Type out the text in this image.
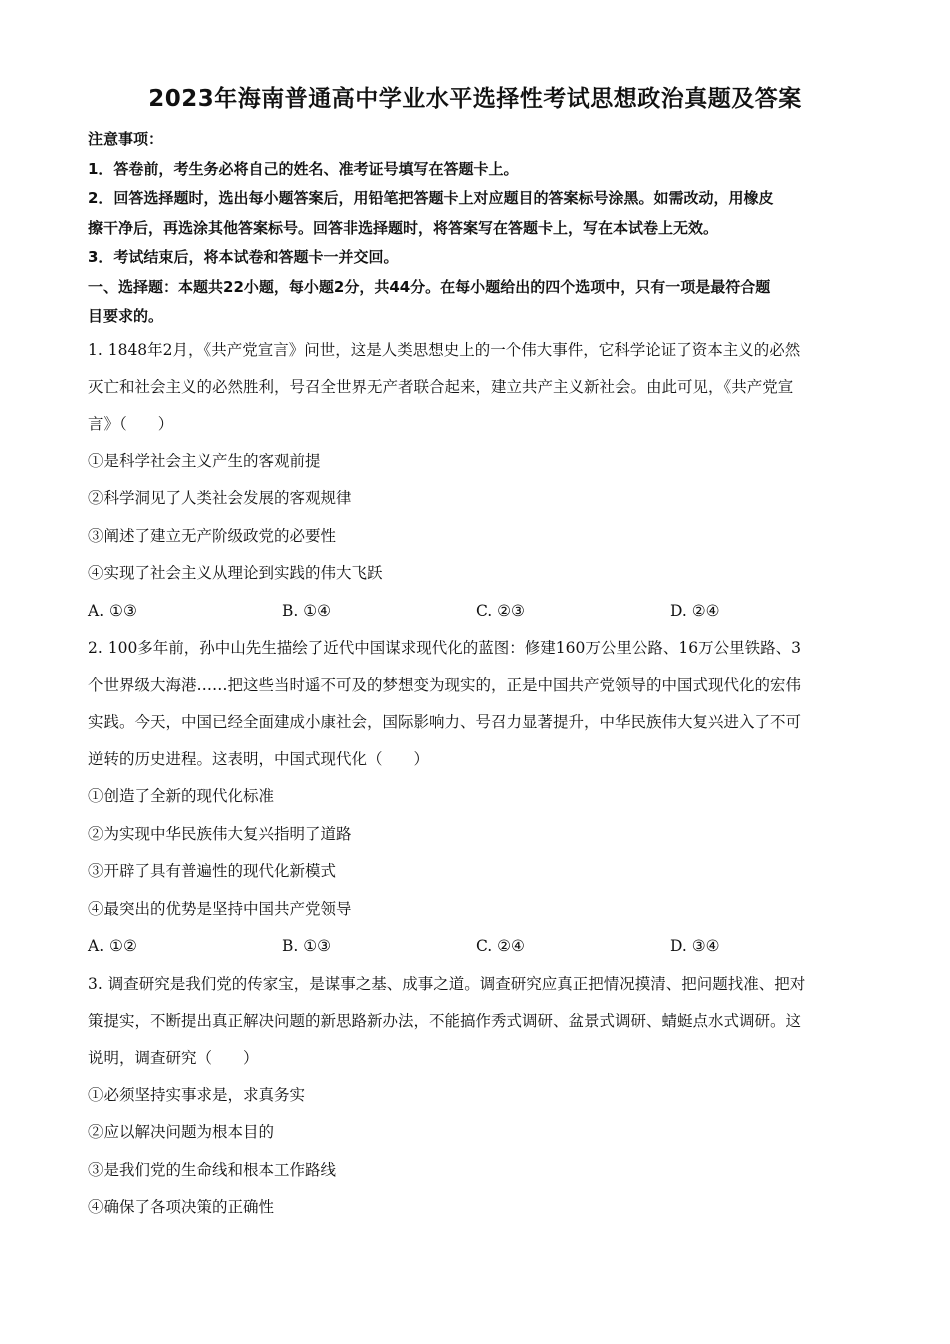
2023年海南普通高中学业水平选择性考试思想政治真题及答案
注意事项：
1．答卷前，考生务必将自己的姓名、准考证号填写在答题卡上。
2．回答选择题时，选出每小题答案后，用铅笔把答题卡上对应题目的答案标号涂黑。如需改动，用橡皮
擦干净后，再选涂其他答案标号。回答非选择题时，将答案写在答题卡上，写在本试卷上无效。
3．考试结束后，将本试卷和答题卡一并交回。
一、选择题：本题共22小题，每小题2分，共44分。在每小题给出的四个选项中，只有一项是最符合题
目要求的。
1. 1848年2月，《共产党宣言》问世，这是人类思想史上的一个伟大事件，它科学论证了资本主义的必然
灭亡和社会主义的必然胜利，号召全世界无产者联合起来，建立共产主义新社会。由此可见，《共产党宣
言》（　　）
①是科学社会主义产生的客观前提
②科学洞见了人类社会发展的客观规律
③阐述了建立无产阶级政党的必要性
④实现了社会主义从理论到实践的伟大飞跃
A. ①③	B. ①④	C. ②③	D. ②④
2. 100多年前，孙中山先生描绘了近代中国谋求现代化的蓝图：修建160万公里公路、16万公里铁路、3
个世界级大海港……把这些当时遥不可及的梦想变为现实的，正是中国共产党领导的中国式现代化的宏伟
实践。今天，中国已经全面建成小康社会，国际影响力、号召力显著提升，中华民族伟大复兴进入了不可
逆转的历史进程。这表明，中国式现代化（　　）
①创造了全新的现代化标准
②为实现中华民族伟大复兴指明了道路
③开辟了具有普遍性的现代化新模式
④最突出的优势是坚持中国共产党领导
A. ①②	B. ①③	C. ②④	D. ③④
3. 调查研究是我们党的传家宝，是谋事之基、成事之道。调查研究应真正把情况摸清、把问题找准、把对
策提实，不断提出真正解决问题的新思路新办法，不能搞作秀式调研、盆景式调研、蜻蜓点水式调研。这
说明，调查研究（　　）
①必须坚持实事求是，求真务实
②应以解决问题为根本目的
③是我们党的生命线和根本工作路线
④确保了各项决策的正确性
